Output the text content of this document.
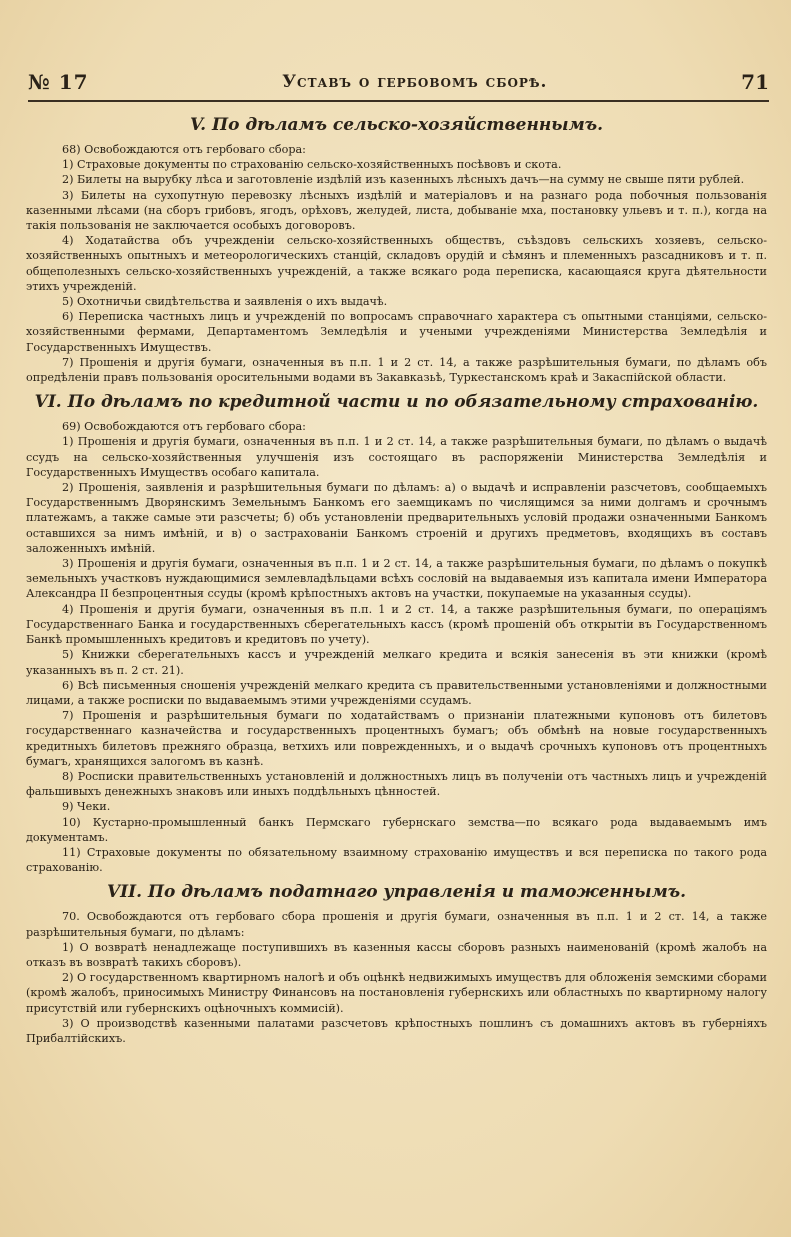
№ 17	Уставъ о гербовомъ сборѣ.	71
V. По дѣламъ сельско-хозяйственнымъ.

68) Освобождаются отъ гербоваго сбора:

1) Страховые документы по страхованію сельско-хозяйственныхъ посѣвовъ и скота.

2) Билеты на вырубку лѣса и заготовленіе издѣлій изъ казенныхъ лѣсныхъ дачъ—на сумму не свыше пяти рублей.

3) Билеты на сухопутную перевозку лѣсныхъ издѣлій и матеріаловъ и на разнаго рода побочныя пользованія казенными лѣсами (на сборъ грибовъ, ягодъ, орѣховъ, желудей, листа, добываніе мха, постановку ульевъ и т. п.), когда на такія пользованія не заключается особыхъ договоровъ.

4) Ходатайства объ учрежденіи сельско-хозяйственныхъ обществъ, съѣздовъ сельскихъ хозяевъ, сельско-хозяйственныхъ опытныхъ и метеорологическихъ станцій, складовъ орудій и сѣмянъ и племенныхъ разсадниковъ и т. п. общеполезныхъ сельско-хозяйственныхъ учрежденій, а также всякаго рода переписка, касающаяся круга дѣятельности этихъ учрежденій.

5) Охотничьи свидѣтельства и заявленія о ихъ выдачѣ.

6) Переписка частныхъ лицъ и учрежденій по вопросамъ справочнаго характера съ опытными станціями, сельско-хозяйственными фермами, Департаментомъ Земледѣлія и учеными учрежденіями Министерства Земледѣлія и Государственныхъ Имуществъ.

7) Прошенія и другія бумаги, означенныя въ п.п. 1 и 2 ст. 14, а также разрѣшительныя бумаги, по дѣламъ объ опредѣленіи правъ пользованія оросительными водами въ Закавказьѣ, Туркестанскомъ краѣ и Закаспійской области.

VI. По дѣламъ по кредитной части и по обязательному страхованію.

69) Освобождаются отъ гербоваго сбора:

1) Прошенія и другія бумаги, означенныя въ п.п. 1 и 2 ст. 14, а также разрѣшительныя бумаги, по дѣламъ о выдачѣ ссудъ на сельско-хозяйственныя улучшенія изъ состоящаго въ распоряженіи Министерства Земледѣлія и Государственныхъ Имуществъ особаго капитала.

2) Прошенія, заявленія и разрѣшительныя бумаги по дѣламъ: а) о выдачѣ и исправленіи разсчетовъ, сообщаемыхъ Государственнымъ Дворянскимъ Земельнымъ Банкомъ его заемщикамъ по числящимся за ними долгамъ и срочнымъ платежамъ, а также самые эти разсчеты; б) объ установленіи предварительныхъ условій продажи означенными Банкомъ оставшихся за нимъ имѣній, и в) о застрахованіи Банкомъ строеній и другихъ предметовъ, входящихъ въ составъ заложенныхъ имѣній.

3) Прошенія и другія бумаги, означенныя въ п.п. 1 и 2 ст. 14, а также разрѣшительныя бумаги, по дѣламъ о покупкѣ земельныхъ участковъ нуждающимися землевладѣльцами всѣхъ сословій на выдаваемыя изъ капитала имени Императора Александра II безпроцентныя ссуды (кромѣ крѣпостныхъ актовъ на участки, покупаемые на указанныя ссуды).

4) Прошенія и другія бумаги, означенныя въ п.п. 1 и 2 ст. 14, а также разрѣшительныя бумаги, по операціямъ Государственнаго Банка и государственныхъ сберегательныхъ кассъ (кромѣ прошеній объ открытіи въ Государственномъ Банкѣ промышленныхъ кредитовъ и кредитовъ по учету).

5) Книжки сберегательныхъ кассъ и учрежденій мелкаго кредита и всякія занесенія въ эти книжки (кромѣ указанныхъ въ п. 2 ст. 21).

6) Всѣ письменныя сношенія учрежденій мелкаго кредита съ правительственными установленіями и должностными лицами, а также росписки по выдаваемымъ этими учрежденіями ссудамъ.

7) Прошенія и разрѣшительныя бумаги по ходатайствамъ о признаніи платежными купоновъ отъ билетовъ государственнаго казначейства и государственныхъ процентныхъ бумагъ; объ обмѣнѣ на новые государственныхъ кредитныхъ билетовъ прежняго образца, ветхихъ или поврежденныхъ, и о выдачѣ срочныхъ купоновъ отъ процентныхъ бумагъ, хранящихся залогомъ въ казнѣ.

8) Росписки правительственныхъ установленій и должностныхъ лицъ въ полученіи отъ частныхъ лицъ и учрежденій фальшивыхъ денежныхъ знаковъ или иныхъ поддѣльныхъ цѣнностей.

9) Чеки.

10) Кустарно-промышленный банкъ Пермскаго губернскаго земства—по всякаго рода выдаваемымъ имъ документамъ.

11) Страховые документы по обязательному взаимному страхованію имуществъ и вся переписка по такого рода страхованію.

VII. По дѣламъ податнаго управленія и таможеннымъ.

70. Освобождаются отъ гербоваго сбора прошенія и другія бумаги, означенныя въ п.п. 1 и 2 ст. 14, а также разрѣшительныя бумаги, по дѣламъ:

1) О возвратѣ ненадлежаще поступившихъ въ казенныя кассы сборовъ разныхъ наименованій (кромѣ жалобъ на отказъ въ возвратѣ такихъ сборовъ).

2) О государственномъ квартирномъ налогѣ и объ оцѣнкѣ недвижимыхъ имуществъ для обложенія земскими сборами (кромѣ жалобъ, приносимыхъ Министру Финансовъ на постановленія губернскихъ или областныхъ по квартирному налогу присутствій или губернскихъ оцѣночныхъ коммисій).

3) О производствѣ казенными палатами разсчетовъ крѣпостныхъ пошлинъ съ домашнихъ актовъ въ губерніяхъ Прибалтійскихъ.
